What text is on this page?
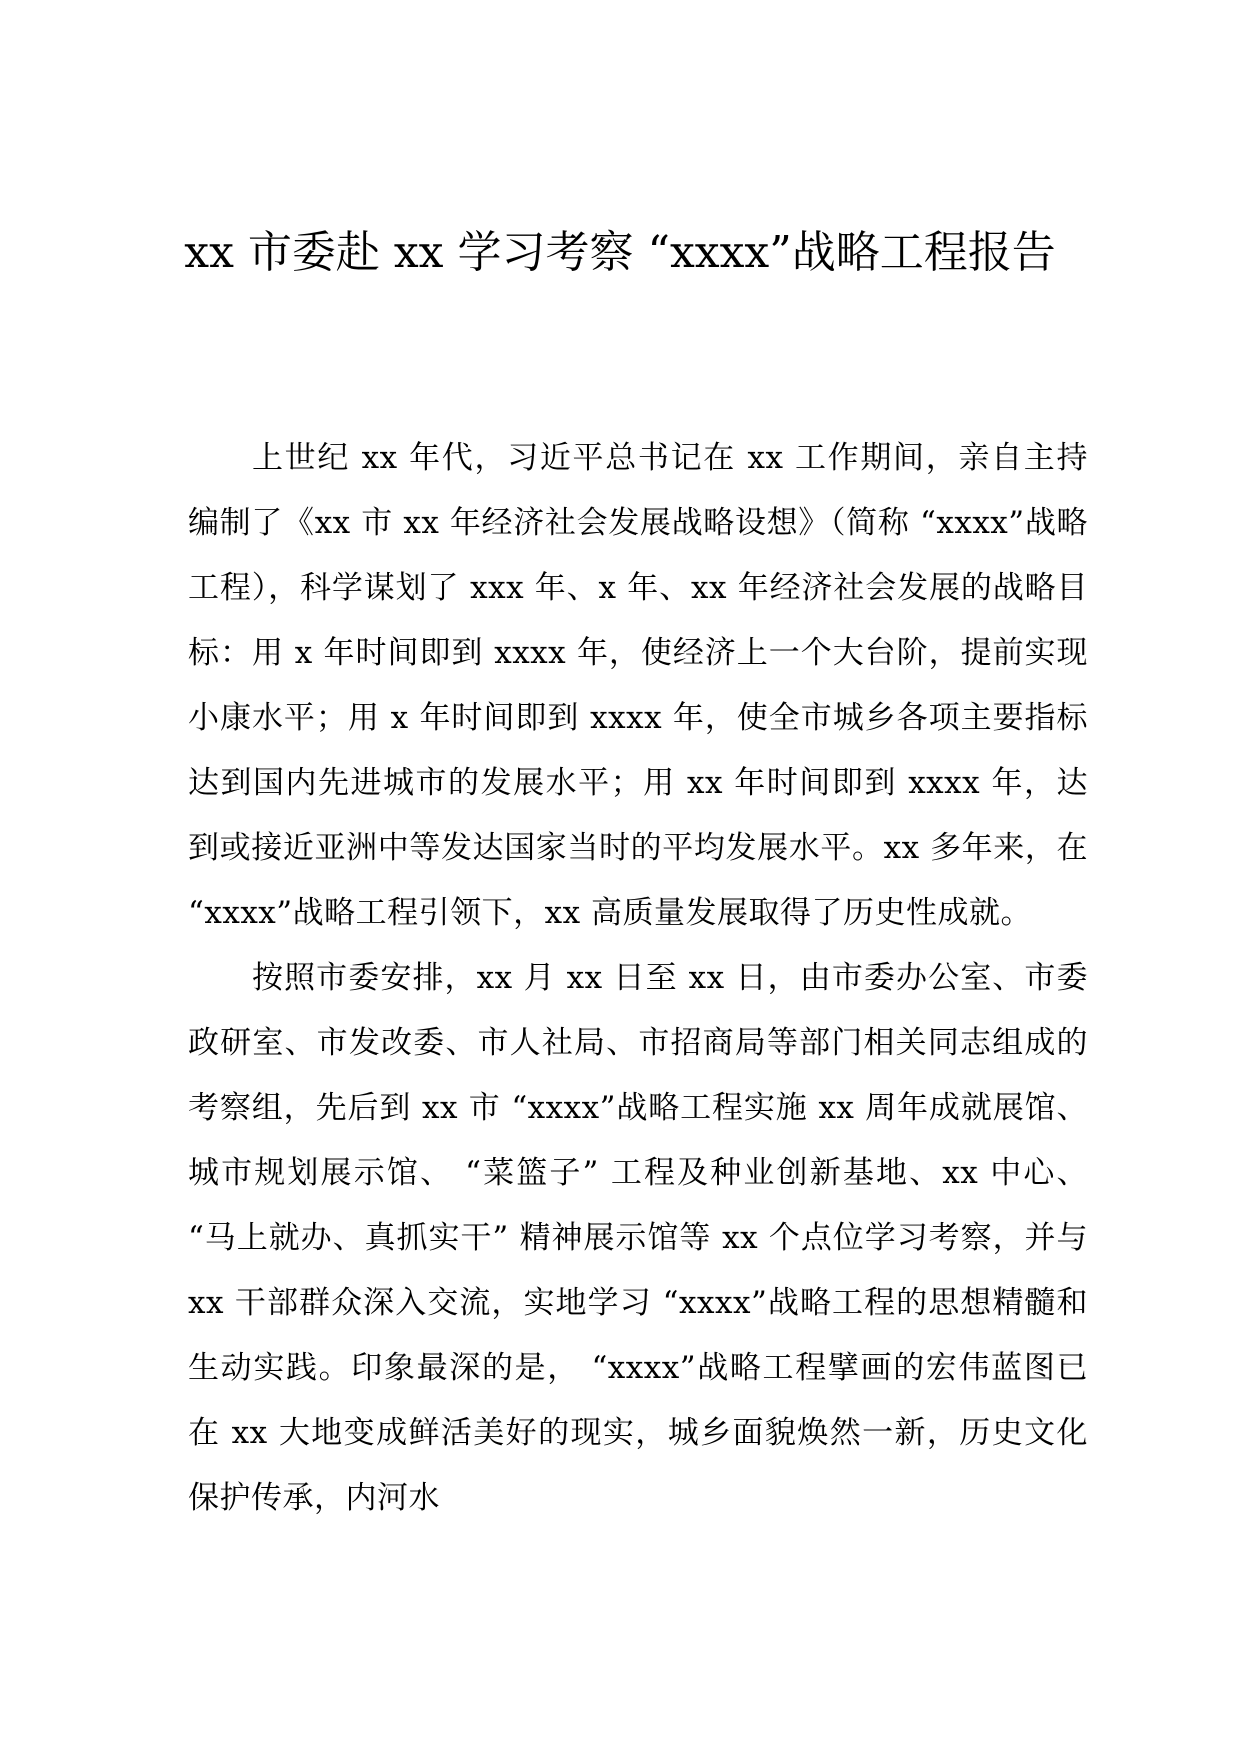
xx 市委赴 xx 学习考察 “xxxx”战略工程报告

上世纪 xx 年代，习近平总书记在 xx 工作期间，亲自主持编制了《xx 市 xx 年经济社会发展战略设想》（简称 “xxxx”战略工程），科学谋划了 xxx 年、x 年、xx 年经济社会发展的战略目标：用 x 年时间即到 xxxx 年，使经济上一个大台阶，提前实现小康水平；用 x 年时间即到 xxxx 年，使全市城乡各项主要指标达到国内先进城市的发展水平；用 xx 年时间即到 xxxx 年，达到或接近亚洲中等发达国家当时的平均发展水平。xx 多年来，在 “xxxx”战略工程引领下，xx 高质量发展取得了历史性成就。

按照市委安排，xx 月 xx 日至 xx 日，由市委办公室、市委政研室、市发改委、市人社局、市招商局等部门相关同志组成的考察组，先后到 xx 市 “xxxx”战略工程实施 xx 周年成就展馆、城市规划展示馆、 “菜篮子” 工程及种业创新基地、xx 中心、 “马上就办、真抓实干” 精神展示馆等 xx 个点位学习考察，并与 xx 干部群众深入交流，实地学习 “xxxx”战略工程的思想精髓和生动实践。印象最深的是， “xxxx”战略工程擘画的宏伟蓝图已在 xx 大地变成鲜活美好的现实，城乡面貌焕然一新，历史文化保护传承，内河水
